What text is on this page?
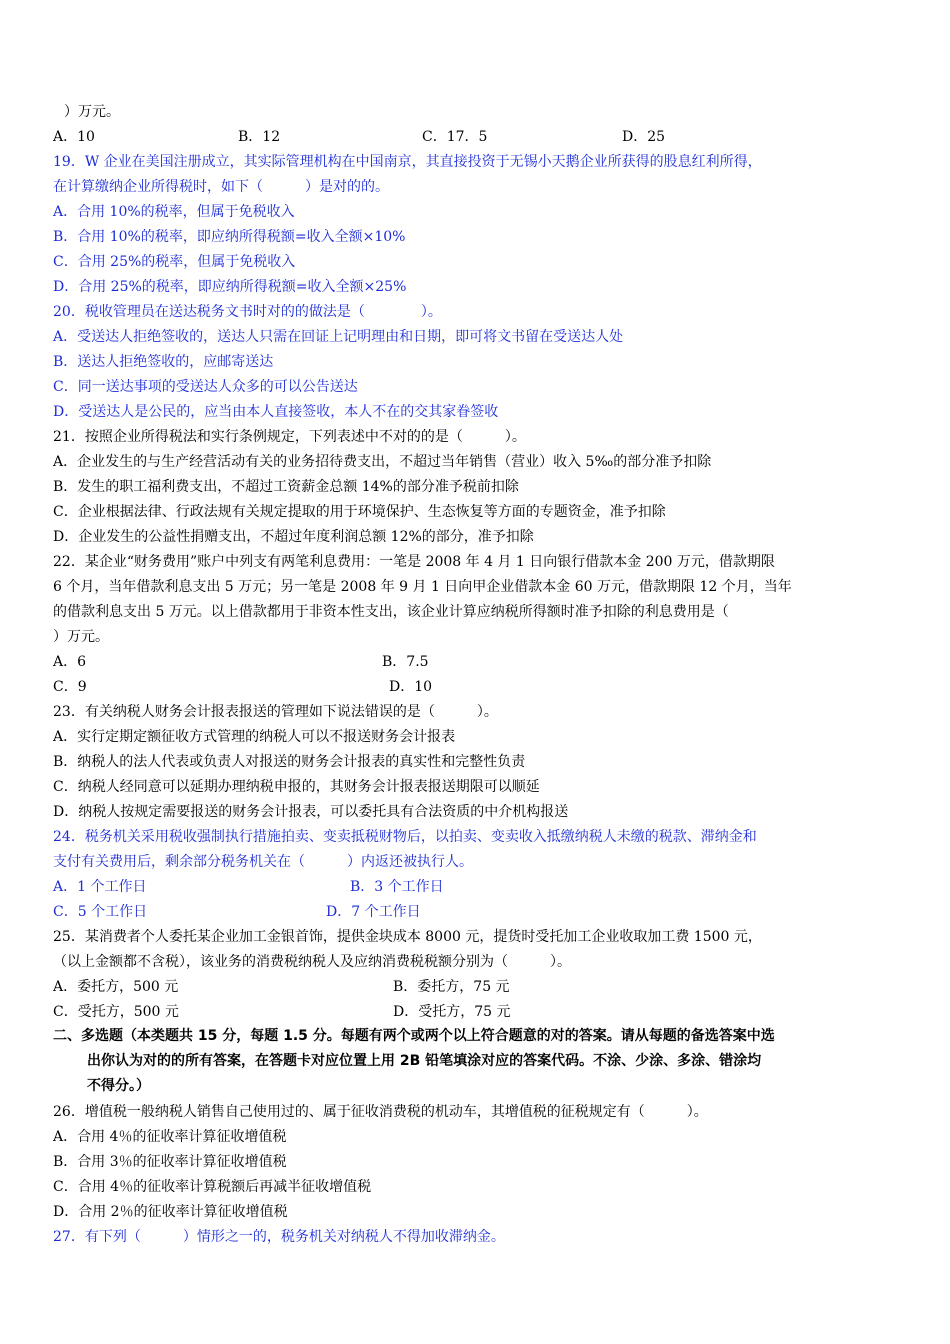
）万元。
A．10	B．12	C．17．5	D．25
19．W 企业在美国注册成立，其实际管理机构在中国南京，其直接投资于无锡小天鹅企业所获得的股息红利所得，
在计算缴纳企业所得税时，如下（　　　）是对的的。
A．合用 10%的税率，但属于免税收入
B．合用 10%的税率，即应纳所得税额=收入全额×10%
C．合用 25%的税率，但属于免税收入
D．合用 25%的税率，即应纳所得税额=收入全额×25%
20．税收管理员在送达税务文书时对的的做法是（　　　　）。
A．受送达人拒绝签收的，送达人只需在回证上记明理由和日期，即可将文书留在受送达人处
B．送达人拒绝签收的，应邮寄送达
C．同一送达事项的受送达人众多的可以公告送达
D．受送达人是公民的，应当由本人直接签收，本人不在的交其家眷签收
21．按照企业所得税法和实行条例规定，下列表述中不对的的是（　　　）。
A．企业发生的与生产经营活动有关的业务招待费支出，不超过当年销售（营业）收入 5‰的部分准予扣除
B．发生的职工福利费支出，不超过工资薪金总额 14%的部分准予税前扣除
C．企业根据法律、行政法规有关规定提取的用于环境保护、生态恢复等方面的专题资金，准予扣除
D．企业发生的公益性捐赠支出，不超过年度利润总额 12%的部分，准予扣除
22．某企业“财务费用”账户中列支有两笔利息费用：一笔是 2008 年 4 月 1 日向银行借款本金 200 万元，借款期限
6 个月，当年借款利息支出 5 万元；另一笔是 2008 年 9 月 1 日向甲企业借款本金 60 万元，借款期限 12 个月，当年
的借款利息支出 5 万元。以上借款都用于非资本性支出，该企业计算应纳税所得额时准予扣除的利息费用是（
）万元。
A．6	B．7.5
C．9	D．10
23．有关纳税人财务会计报表报送的管理如下说法错误的是（　　　）。
A．实行定期定额征收方式管理的纳税人可以不报送财务会计报表
B．纳税人的法人代表或负责人对报送的财务会计报表的真实性和完整性负责
C．纳税人经同意可以延期办理纳税申报的，其财务会计报表报送期限可以顺延
D．纳税人按规定需要报送的财务会计报表，可以委托具有合法资质的中介机构报送
24．税务机关采用税收强制执行措施拍卖、变卖抵税财物后，以拍卖、变卖收入抵缴纳税人未缴的税款、滞纳金和
支付有关费用后，剩余部分税务机关在（　　　）内返还被执行人。
A．1 个工作日	B．3 个工作日
C．5 个工作日	D．7 个工作日
25．某消费者个人委托某企业加工金银首饰，提供金块成本 8000 元，提货时受托加工企业收取加工费 1500 元，
（以上金额都不含税），该业务的消费税纳税人及应纳消费税税额分别为（　　　）。
A．委托方，500 元	B．委托方，75 元
C．受托方，500 元	D．受托方，75 元
二、多选题（本类题共 15 分，每题 1.5 分。每题有两个或两个以上符合题意的对的答案。请从每题的备选答案中选
出你认为对的的所有答案，在答题卡对应位置上用 2B 铅笔填涂对应的答案代码。不涂、少涂、多涂、错涂均
不得分。）
26．增值税一般纳税人销售自己使用过的、属于征收消费税的机动车，其增值税的征税规定有（　　　）。
A．合用 4％的征收率计算征收增值税
B．合用 3％的征收率计算征收增值税
C．合用 4％的征收率计算税额后再减半征收增值税
D．合用 2％的征收率计算征收增值税
27．有下列（　　　）情形之一的，税务机关对纳税人不得加收滞纳金。
